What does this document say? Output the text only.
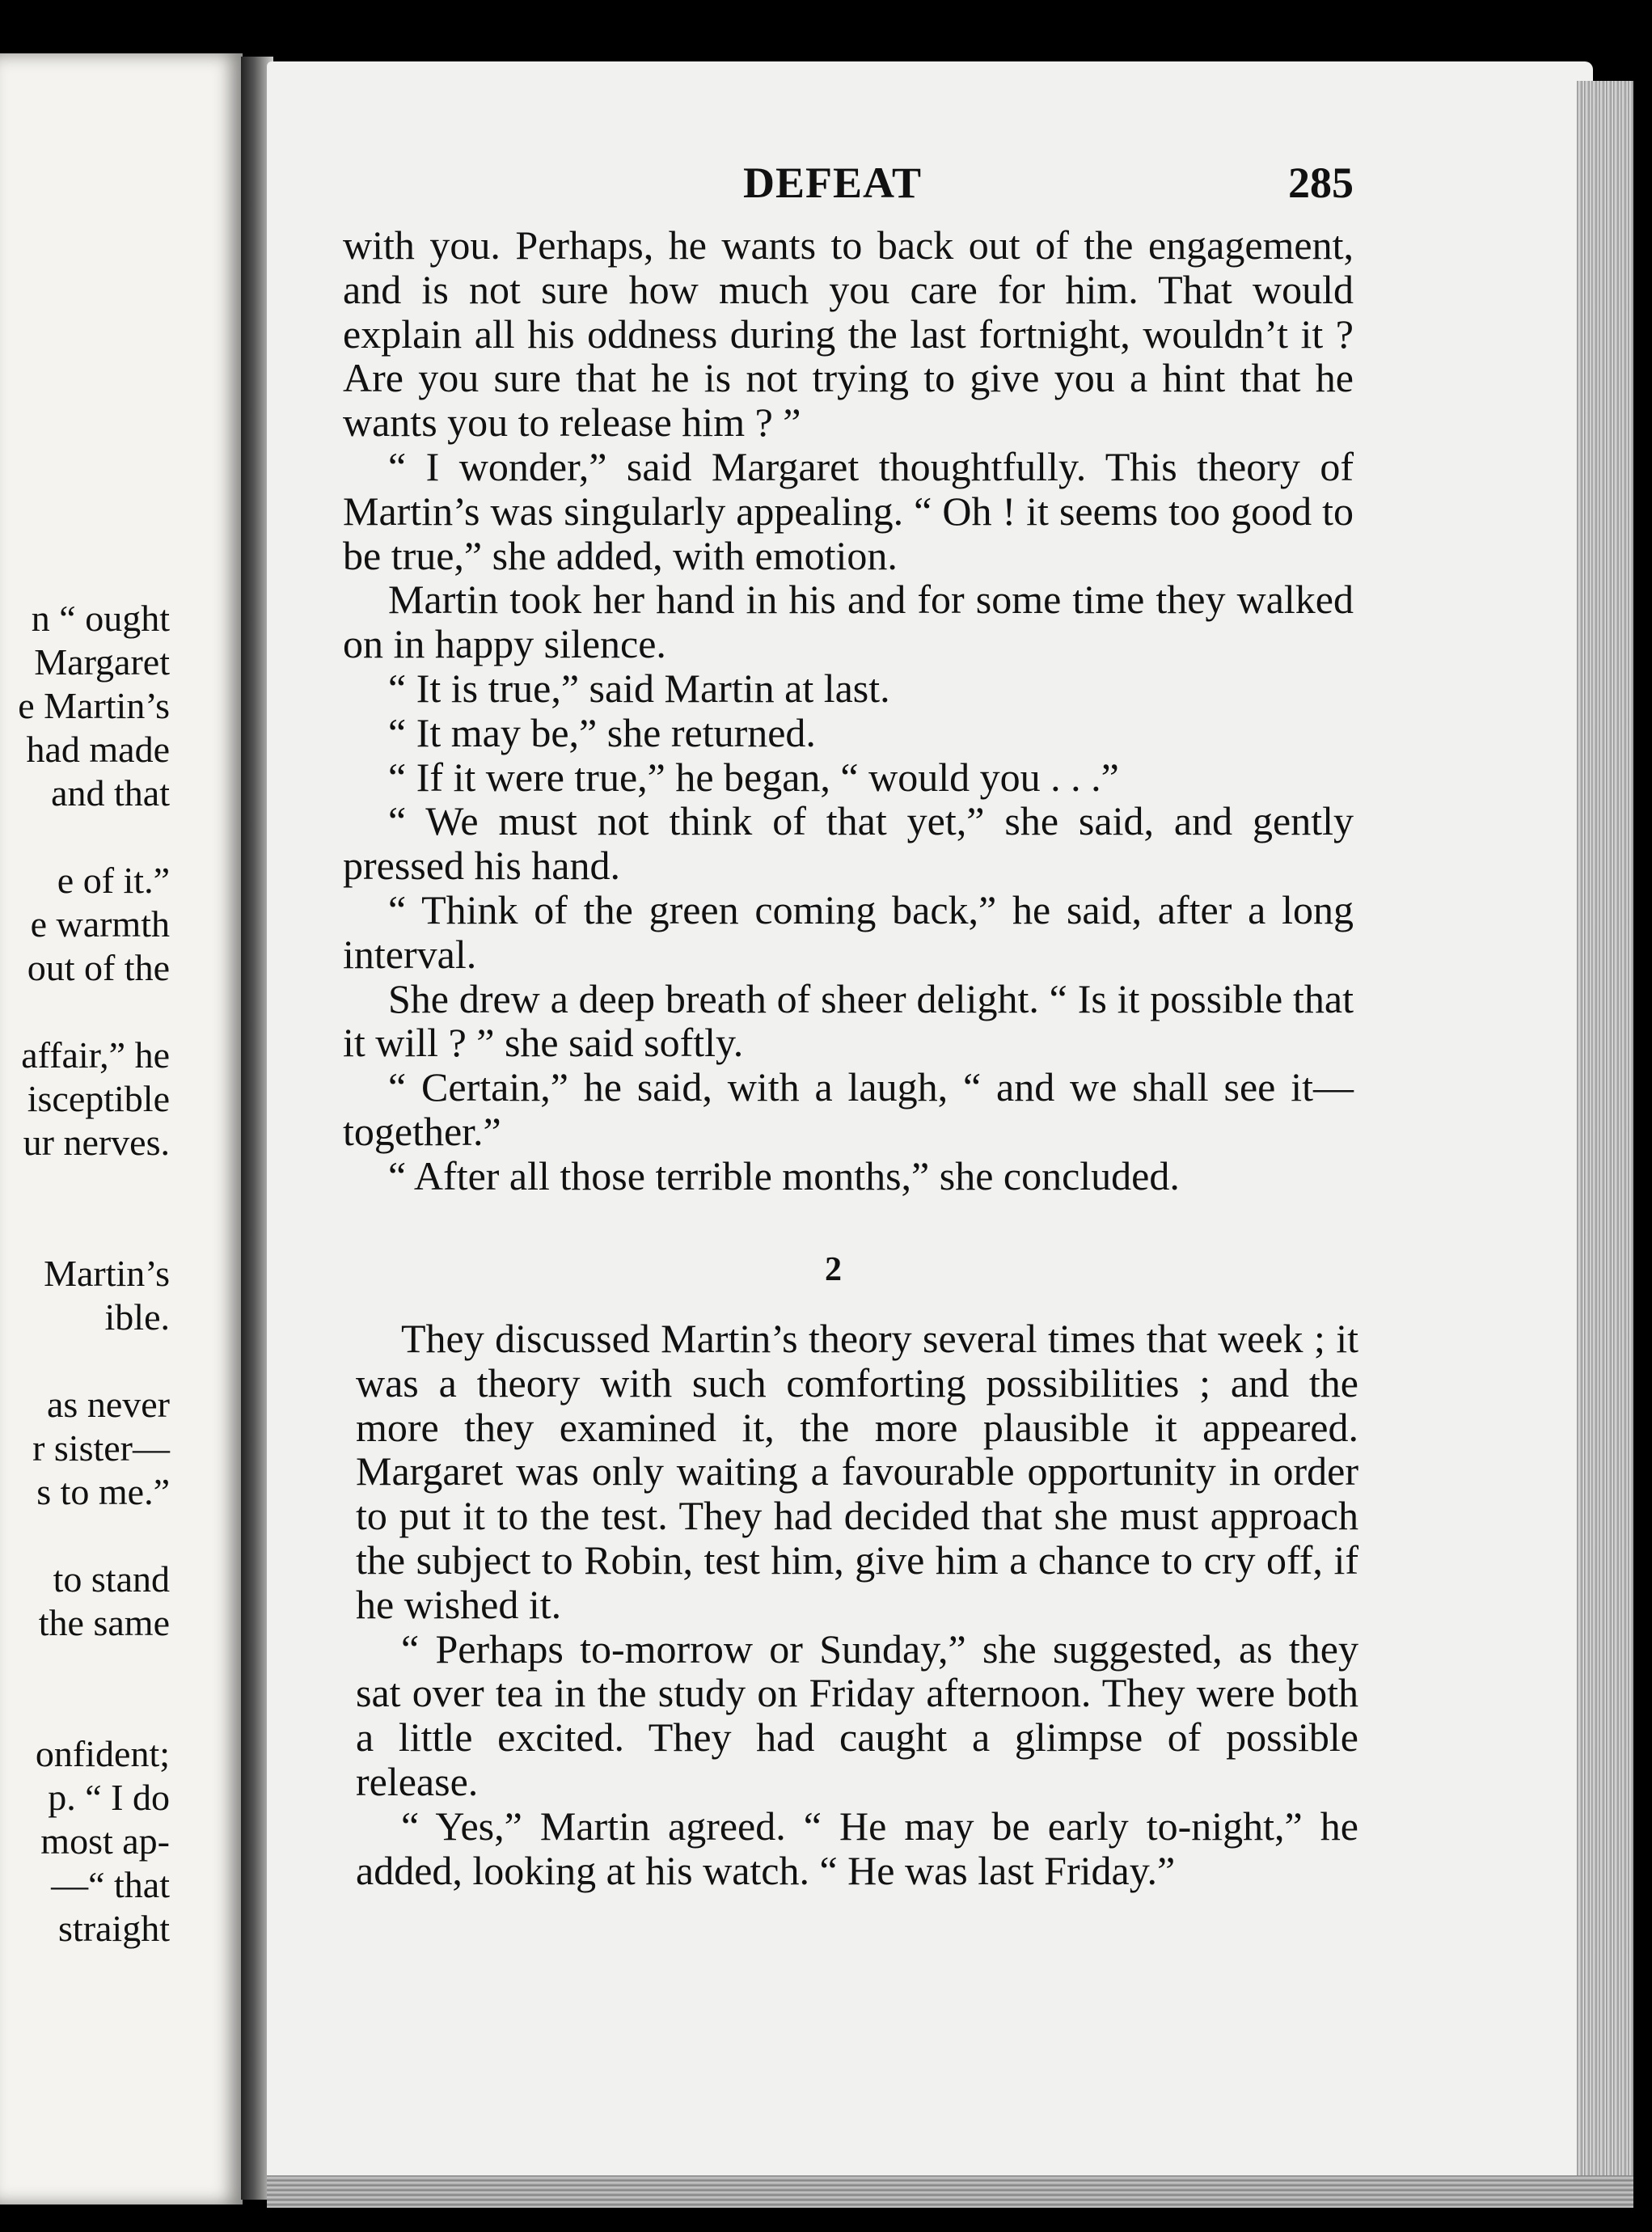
n “ ought
Margaret
e Martin’s
had made
and that

e of it.”
e warmth
out of the

affair,” he
isceptible
ur nerves.

Martin’s
ible.

as never
r sister—
s to me.”

to stand
the same

onfident;
p. “ I do
most ap-
—“ that
straight
DEFEAT	285

with you. Perhaps, he wants to back out of the engagement, and is not sure how much you care for him. That would explain all his oddness during the last fortnight, wouldn’t it ? Are you sure that he is not trying to give you a hint that he wants you to release him ? ”

“ I wonder,” said Margaret thoughtfully. This theory of Martin’s was singularly appealing. “ Oh ! it seems too good to be true,” she added, with emotion.

Martin took her hand in his and for some time they walked on in happy silence.

“ It is true,” said Martin at last.

“ It may be,” she returned.

“ If it were true,” he began, “ would you . . .”

“ We must not think of that yet,” she said, and gently pressed his hand.

“ Think of the green coming back,” he said, after a long interval.

She drew a deep breath of sheer delight. “ Is it possible that it will ? ” she said softly.

“ Certain,” he said, with a laugh, “ and we shall see it—together.”

“ After all those terrible months,” she concluded.

2

They discussed Martin’s theory several times that week ; it was a theory with such comforting possibilities ; and the more they examined it, the more plausible it appeared. Margaret was only waiting a favourable opportunity in order to put it to the test. They had decided that she must approach the subject to Robin, test him, give him a chance to cry off, if he wished it.

“ Perhaps to-morrow or Sunday,” she suggested, as they sat over tea in the study on Friday afternoon. They were both a little excited. They had caught a glimpse of possible release.

“ Yes,” Martin agreed. “ He may be early to-night,” he added, looking at his watch. “ He was last Friday.”
